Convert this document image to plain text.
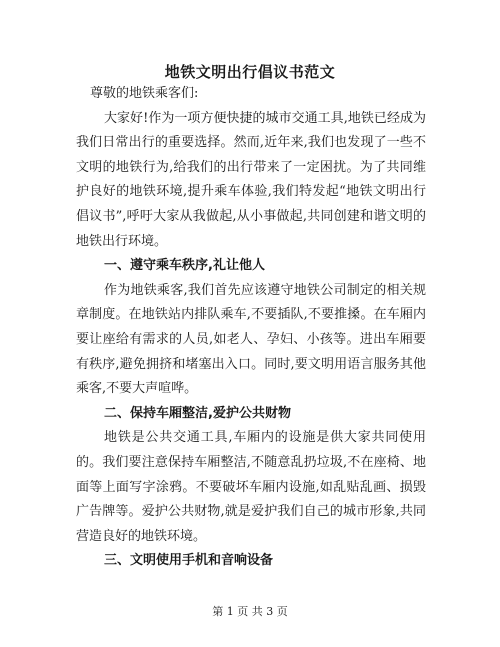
地铁文明出行倡议书范文

尊敬的地铁乘客们:

大家好!作为一项方便快捷的城市交通工具,地铁已经成为我们日常出行的重要选择。然而,近年来,我们也发现了一些不文明的地铁行为,给我们的出行带来了一定困扰。为了共同维护良好的地铁环境,提升乘车体验,我们特发起“地铁文明出行倡议书”,呼吁大家从我做起,从小事做起,共同创建和谐文明的地铁出行环境。

一、遵守乘车秩序,礼让他人

作为地铁乘客,我们首先应该遵守地铁公司制定的相关规章制度。在地铁站内排队乘车,不要插队,不要推搡。在车厢内要让座给有需求的人员,如老人、孕妇、小孩等。进出车厢要有秩序,避免拥挤和堵塞出入口。同时,要文明用语言服务其他乘客,不要大声喧哗。

二、保持车厢整洁,爱护公共财物

地铁是公共交通工具,车厢内的设施是供大家共同使用的。我们要注意保持车厢整洁,不随意乱扔垃圾,不在座椅、地面等上面写字涂鸦。不要破坏车厢内设施,如乱贴乱画、损毁广告牌等。爱护公共财物,就是爱护我们自己的城市形象,共同营造良好的地铁环境。

三、文明使用手机和音响设备

第 1 页 共 3 页
